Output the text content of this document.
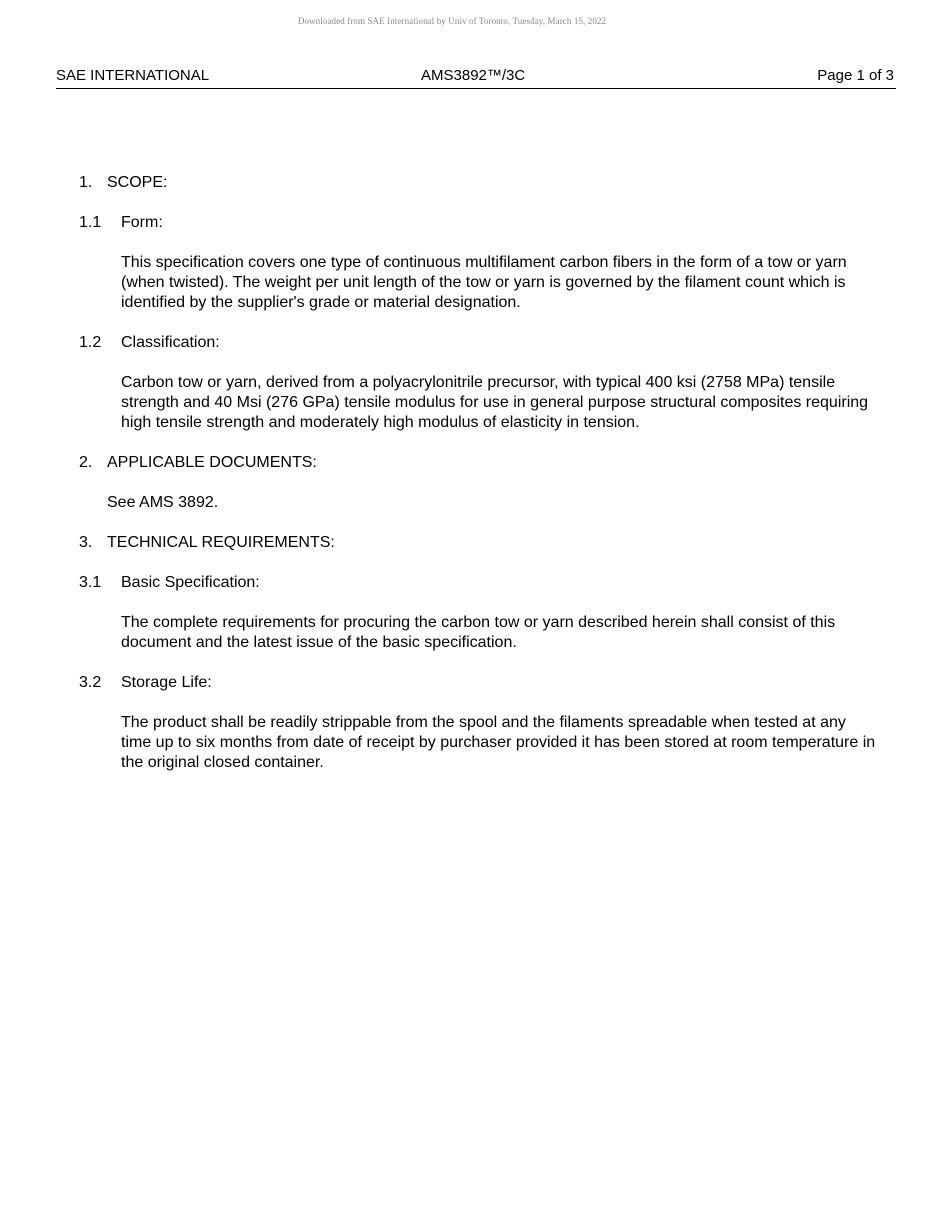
Downloaded from SAE International by Univ of Toronto, Tuesday, March 15, 2022
SAE INTERNATIONAL	AMS3892™/3C	Page 1 of 3

1. SCOPE:

1.1 Form:

This specification covers one type of continuous multifilament carbon fibers in the form of a tow or yarn (when twisted). The weight per unit length of the tow or yarn is governed by the filament count which is identified by the supplier's grade or material designation.

1.2 Classification:

Carbon tow or yarn, derived from a polyacrylonitrile precursor, with typical 400 ksi (2758 MPa) tensile strength and 40 Msi (276 GPa) tensile modulus for use in general purpose structural composites requiring high tensile strength and moderately high modulus of elasticity in tension.

2. APPLICABLE DOCUMENTS:

See AMS 3892.

3. TECHNICAL REQUIREMENTS:

3.1 Basic Specification:

The complete requirements for procuring the carbon tow or yarn described herein shall consist of this document and the latest issue of the basic specification.

3.2 Storage Life:

The product shall be readily strippable from the spool and the filaments spreadable when tested at any time up to six months from date of receipt by purchaser provided it has been stored at room temperature in the original closed container.
